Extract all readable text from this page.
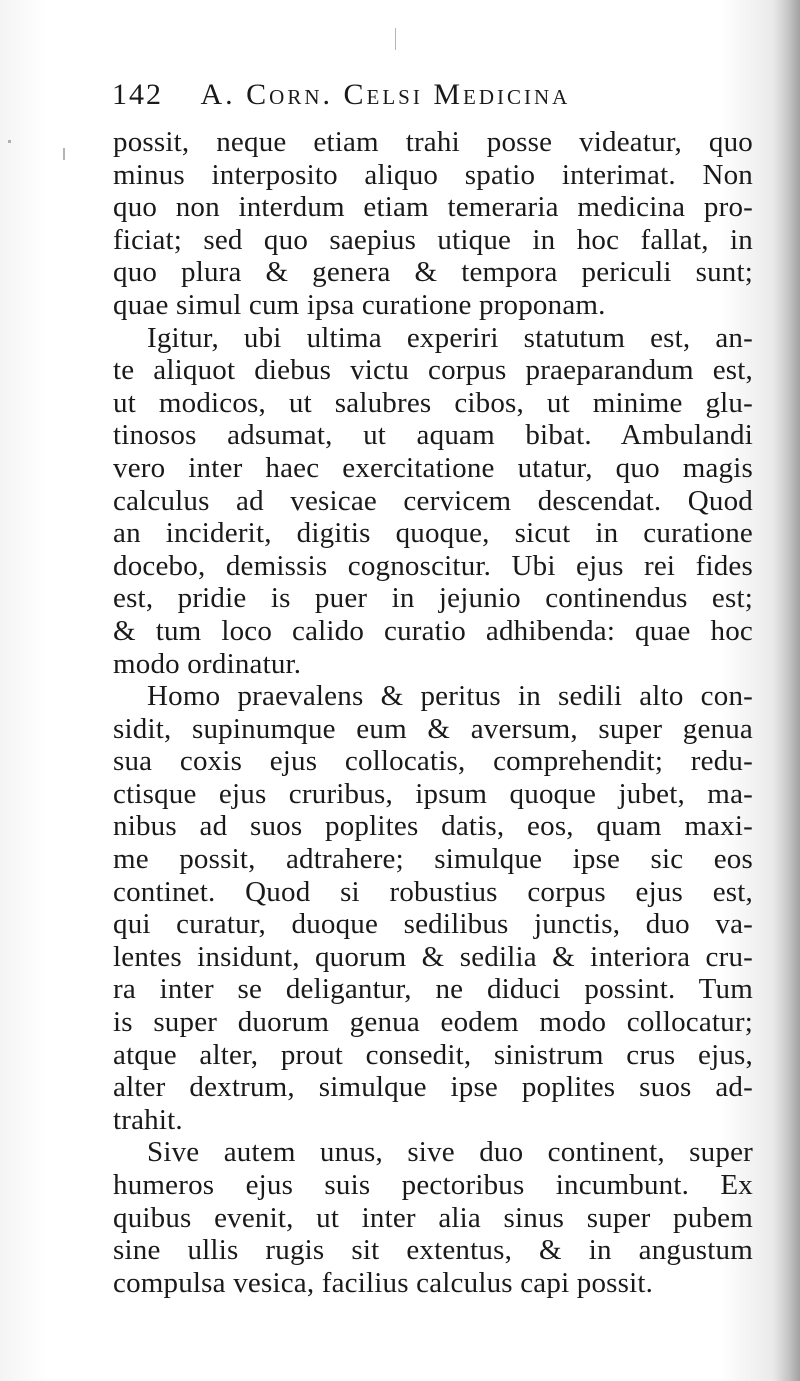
142 A. Corn. Celsi Medicina
possit, neque etiam trahi posse videatur, quo
minus interposito aliquo spatio interimat. Non
quo non interdum etiam temeraria medicina pro-
ficiat; sed quo saepius utique in hoc fallat, in
quo plura & genera & tempora periculi sunt;
quae simul cum ipsa curatione proponam.
Igitur, ubi ultima experiri statutum est, an-
te aliquot diebus victu corpus praeparandum est,
ut modicos, ut salubres cibos, ut minime glu-
tinosos adsumat, ut aquam bibat. Ambulandi
vero inter haec exercitatione utatur, quo magis
calculus ad vesicae cervicem descendat. Quod
an inciderit, digitis quoque, sicut in curatione
docebo, demissis cognoscitur. Ubi ejus rei fides
est, pridie is puer in jejunio continendus est;
& tum loco calido curatio adhibenda: quae hoc
modo ordinatur.
Homo praevalens & peritus in sedili alto con-
sidit, supinumque eum & aversum, super genua
sua coxis ejus collocatis, comprehendit; redu-
ctisque ejus cruribus, ipsum quoque jubet, ma-
nibus ad suos poplites datis, eos, quam maxi-
me possit, adtrahere; simulque ipse sic eos
continet. Quod si robustius corpus ejus est,
qui curatur, duoque sedilibus junctis, duo va-
lentes insidunt, quorum & sedilia & interiora cru-
ra inter se deligantur, ne diduci possint. Tum
is super duorum genua eodem modo collocatur;
atque alter, prout consedit, sinistrum crus ejus,
alter dextrum, simulque ipse poplites suos ad-
trahit.
Sive autem unus, sive duo continent, super
humeros ejus suis pectoribus incumbunt. Ex
quibus evenit, ut inter alia sinus super pubem
sine ullis rugis sit extentus, & in angustum
compulsa vesica, facilius calculus capi possit.
